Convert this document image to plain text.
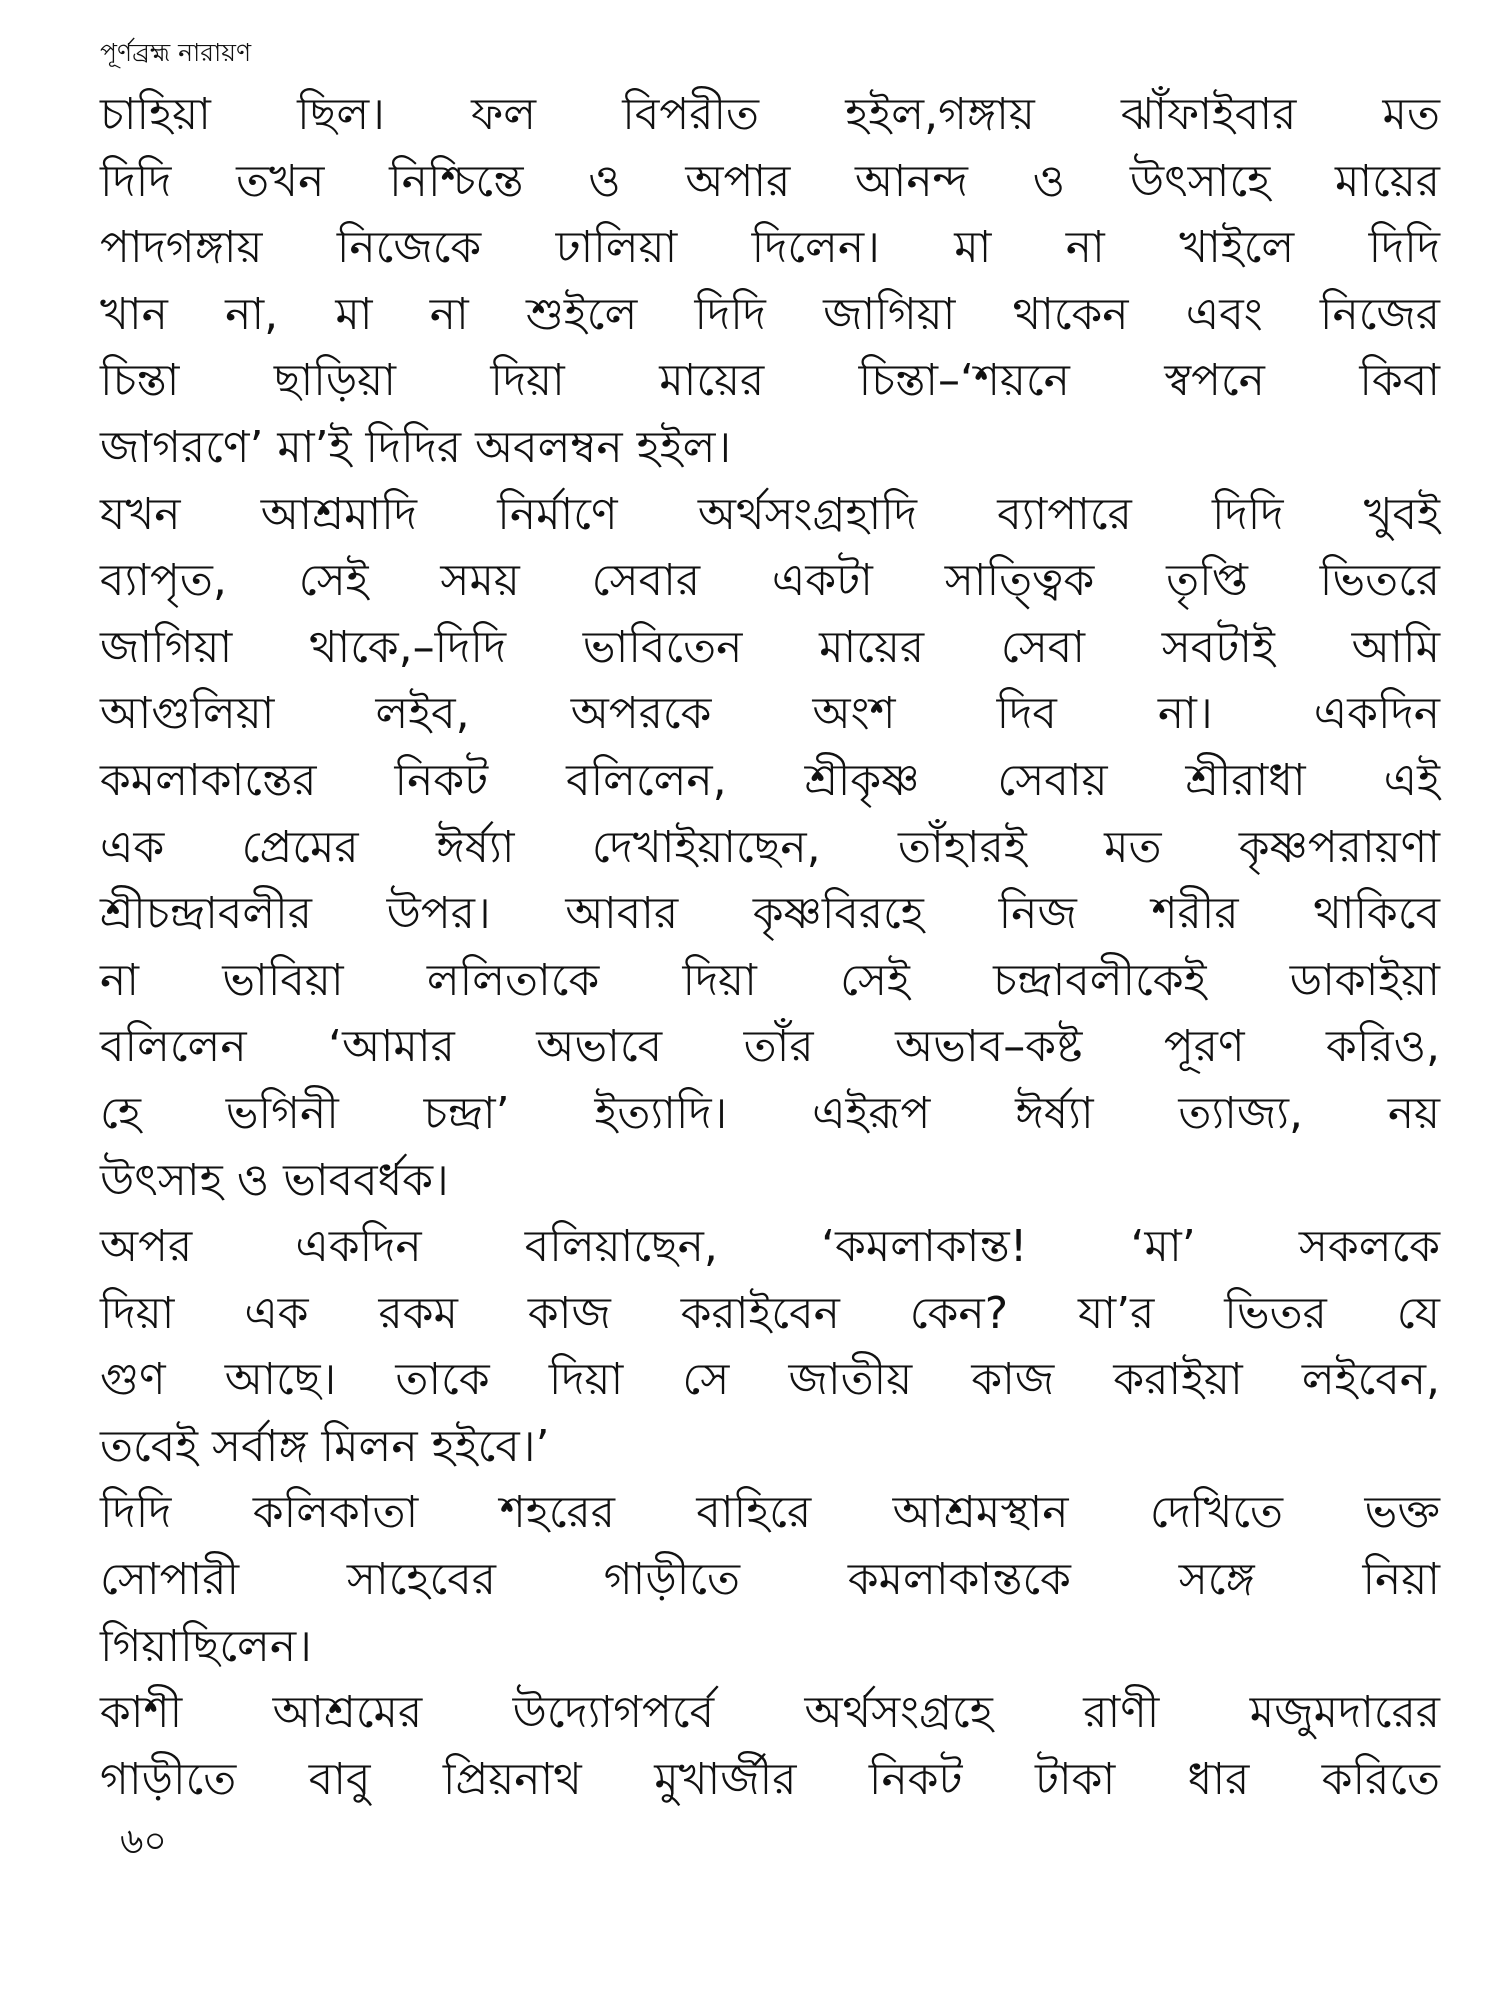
পূর্ণব্রহ্ম নারায়ণ
চাহিয়া ছিল। ফল বিপরীত হইল,গঙ্গায় ঝাঁফাইবার মত
দিদি তখন নিশ্চিন্তে ও অপার আনন্দ ও উৎসাহে মায়ের
পাদগঙ্গায় নিজেকে ঢালিয়া দিলেন। মা না খাইলে দিদি
খান না, মা না শুইলে দিদি জাগিয়া থাকেন এবং নিজের
চিন্তা ছাড়িয়া দিয়া মায়ের চিন্তা–‘শয়নে স্বপনে কিবা
জাগরণে’ মা’ই দিদির অবলম্বন হইল।
যখন আশ্রমাদি নির্মাণে অর্থসংগ্রহাদি ব্যাপারে দিদি খুবই
ব্যাপৃত, সেই সময় সেবার একটা সাত্ত্বিক তৃপ্তি ভিতরে
জাগিয়া থাকে,–দিদি ভাবিতেন মায়ের সেবা সবটাই আমি
আগুলিয়া লইব, অপরকে অংশ দিব না। একদিন
কমলাকান্তের নিকট বলিলেন, শ্রীকৃষ্ণ সেবায় শ্রীরাধা এই
এক প্রেমের ঈর্ষ্যা দেখাইয়াছেন, তাঁহারই মত কৃষ্ণপরায়ণা
শ্রীচন্দ্রাবলীর উপর। আবার কৃষ্ণবিরহে নিজ শরীর থাকিবে
না ভাবিয়া ললিতাকে দিয়া সেই চন্দ্রাবলীকেই ডাকাইয়া
বলিলেন ‘আমার অভাবে তাঁর অভাব–কষ্ট পূরণ করিও,
হে ভগিনী চন্দ্রা’ ইত্যাদি। এইরূপ ঈর্ষ্যা ত্যাজ্য, নয়
উৎসাহ ও ভাববর্ধক।
অপর একদিন বলিয়াছেন, ‘কমলাকান্ত! ‘মা’ সকলকে
দিয়া এক রকম কাজ করাইবেন কেন? যা’র ভিতর যে
গুণ আছে। তাকে দিয়া সে জাতীয় কাজ করাইয়া লইবেন,
তবেই সর্বাঙ্গ মিলন হইবে।’
দিদি কলিকাতা শহরের বাহিরে আশ্রমস্থান দেখিতে ভক্ত
সোপারী সাহেবের গাড়ীতে কমলাকান্তকে সঙ্গে নিয়া
গিয়াছিলেন।
কাশী আশ্রমের উদ্যোগপর্বে অর্থসংগ্রহে রাণী মজুমদারের
গাড়ীতে বাবু প্রিয়নাথ মুখার্জীর নিকট টাকা ধার করিতে
৬০
